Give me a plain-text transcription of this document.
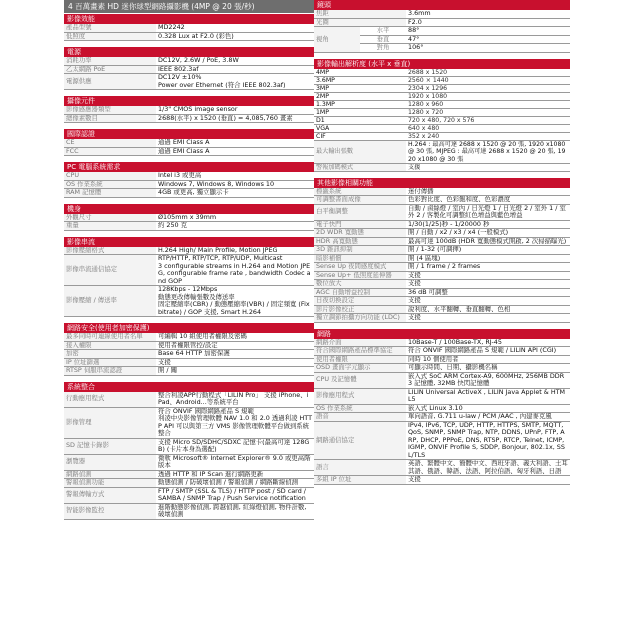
4 百萬畫素 HD 迷你球型網路攝影機 (4MP @ 20 張/秒)
影像效能
產品型號	MD2242
低照度	0.328 Lux at F2.0 (彩色)
電源
消耗功率	DC12V, 2.6W / PoE, 3.8W
乙太網路 PoE	IEEE 802.3af
電源供應	DC12V ±10%
Power over Ethernet (符合 IEEE 802.3af)
攝像元件
影像感應器類型	1/3" CMOS image sensor
總像素數目	2688(水平) x 1520 (垂直) = 4,085,760 畫素
國際認證
CE	通過 EMI Class A
FCC	通過 EMI Class A
PC 電腦系統需求
CPU	Intel i3 或更高
OS 作業系統	Windows 7, Windows 8, Windows 10
RAM 記憶體	4GB 或更高, 獨立顯示卡
機身
外觀尺寸	Ø105mm x 39mm
重量	約 250 克
影像串流
影像壓縮格式	H.264 High/ Main Profile, Motion JPEG
影像串流通信協定	RTP/HTTP, RTP/TCP, RTP/UDP, Multicast
3 configurable streams in H.264 and Motion JPEG, configurable frame rate , bandwidth Codec and GOP
影像壓縮 / 傳送率	128Kbps - 12Mbps
動態更改傳輸張數及傳送率
固定壓縮率(CBR) / 動態壓縮率(VBR) / 固定頻寬 (Fix bitrate) / GOP 支援, Smart H.264
網路安全(使用者加密保護)
最多同時可連線使用者名單	可編輯 10 組使用者權限及密碼
接入權限	使用者權限管控/設定
加密	Base 64 HTTP 加密保護
IP 位址篩選	支援
RTSP 伺服串流認證	開 / 關
系統整合
行動應用程式	整合利凌APP行動程式「LILIN Pro」 支援 iPhone、iPad、Android...等系統平台
影像管理	符合 ONVIF 國際網路產品 S 規範
利凌中央影像管理軟體 NAV 1.0 和 2.0 透過利凌 HTTP API 可以與第三方 VMS 影像管理軟體平台做到系統整合
SD 記憶卡錄影	支援 Micro SD/SDHC/SDXC 記憶卡(最高可達 128GB) (卡片本身為選配)
瀏覽器	微軟 Microsoft® Internet Explorer® 9.0 或更高階版本
網路偵測	透過 HTTP 和 IP Scan 進行網路更新
警報偵測功能	動態偵測 / 防破壞偵測 / 警報偵測 / 網路斷線偵測
警報傳輸方式	FTP / SMTP (SSL & TLS) / HTTP post / SD card / SAMBA / SNMP Trap / Push Service notification
智能影像監控	進階動態影像偵測, 跨越偵測, 紅綠燈偵測, 物件計數, 破壞偵測
鏡頭
焦距		3.6mm
光圈		F2.0
視角	水平	88°
	垂直	47°
	對角	106°
影像輸出解析度 (水平 x 垂直)
4MP	2688 x 1520
3.6MP	2560 × 1440
3MP	2304 x 1296
2MP	1920 x 1080
1.3MP	1280 x 960
1MP	1280 x 720
D1	720 x 480, 720 x 576
VGA	640 x 480
CIF	352 x 240
最大輸出張數	H.264 : 最高可達 2688 x 1520 @ 20 張, 1920 x1080 @ 30 張, MJPEG : 最高可達 2688 x 1520 @ 20 張, 1920 x1080 @ 30 張
警報加碼模式	支援
其他影像相關功能
標籤系統	迷付傳播
可調整書面成像	色彩對比度、色彩飽和度、色彩濃度
白平衡調整	自動 / 鹵絲燈 / 室內 / 日光燈 1 / 日光燈 2 / 室外 1 / 室外 2 / 客製化可調整紅色增益與藍色增益
電子快門	1/30(1/25)秒 - 1/20000 秒
2D WDR 寬動態	開 / 自動 / x2 / x3 / x4 (一般模式)
HDR 高寬動態	最高可達 100dB (HDR 寬動態模式開啟, 2 次掃描曝光)
3D 雜訊抑制	開 / 1-32 (可調揮)
暗影補償	開 (4 區塊)
Sense Up 夜間感度模式	開 / 1 frame / 2 frames
Sense Up+ 低照度延伸器	支援
數位放大	支援
AGC 自動增益控制	36 dB 可調整
日夜切換設定	支援
影片影像校正	說利度、水平翻轉、垂直翻轉、色相
獨立調節拍攝方向功能 (LDC)	支援
網路
網路介面	10Base-T / 100Base-TX, RJ-45
符合國際網路產品標準協定	符合 ONVIF 國際網路產品 S 規範 / LILIN API (CGI)
使用者權限	同時 10 個使用者
OSD 畫面字元顯示	可顯示時間、日期、攝影機名稱
CPU 及記憶體	嵌入式 SoC ARM Cortex-A9, 600MHz, 256MB DDR3 記憶體, 32MB 快閃記憶體
影像應用程式	LILIN Universal ActiveX , LILIN Java Applet & HTML5
OS 作業系統	嵌入式 Linux 3.10
語音	單向語音, G.711 u-law / PCM /AAC , 內建麥克風
網路通信協定	IPv4, IPv6, TCP, UDP, HTTP, HTTPS, SMTP, MQTT, QoS, SNMP, SNMP Trap, NTP, DDNS, UPnP, FTP, ARP, DHCP, PPPoE, DNS, RTSP, RTCP, Telnet, ICMP, IGMP, ONVIF Profile S, SDDP, Bonjour, 802.1x, SSL/TLS
語言	英語、繁體中文、簡體中文、西班牙語、義大利語、土耳其語、俄語、韓語、法語、阿拉伯語、匈牙利語、日語
多組 IP 位址	支援
